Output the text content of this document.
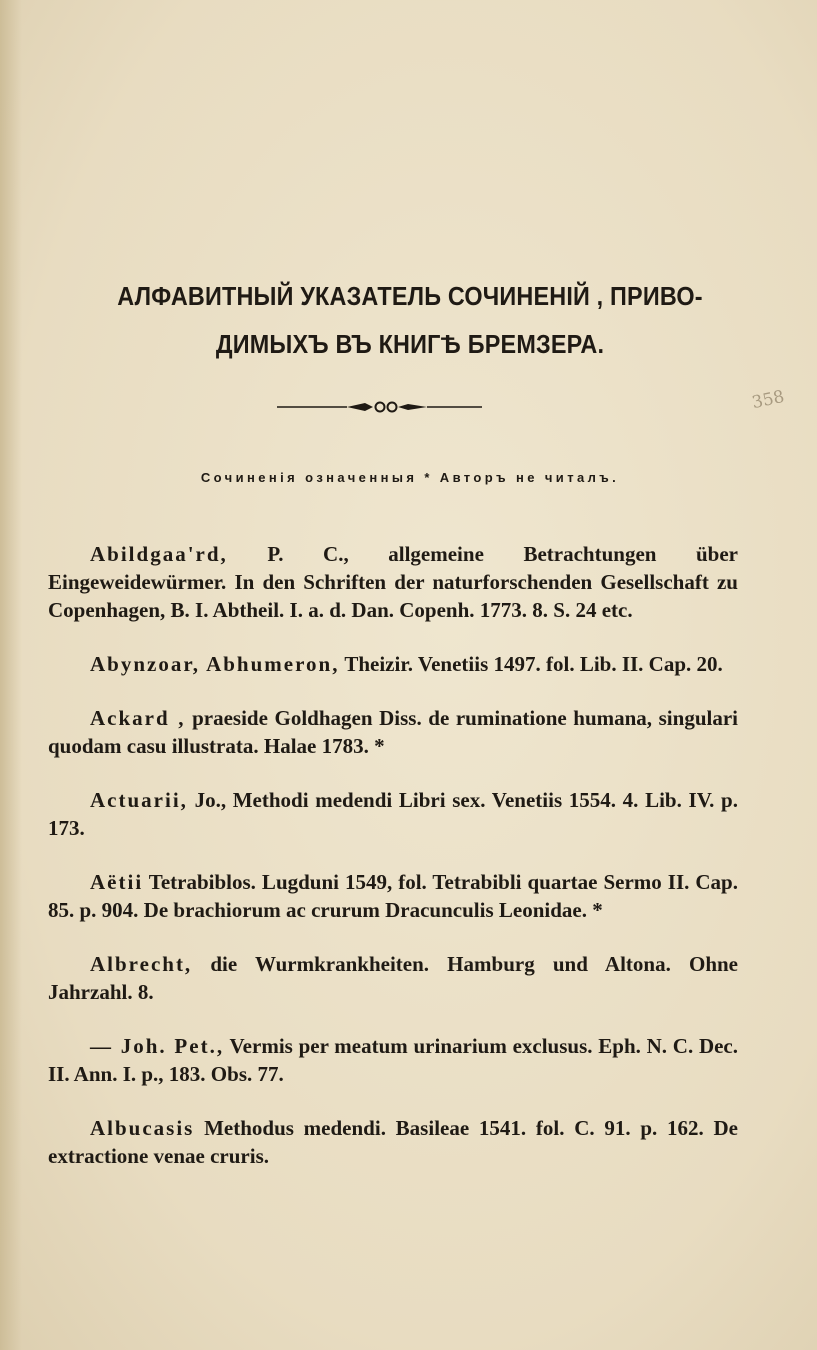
АЛФАВИТНЫЙ УКАЗАТЕЛЬ СОЧИНЕНIЙ , ПРИВО-
ДИМЫХЪ ВЪ КНИГѢ БРЕМЗЕРА.
358
Сочиненiя означенныя * Авторъ не читалъ.

Abildgaa'rd, P. C., allgemeine Betrachtungen über Eingeweidewürmer. In den Schriften der naturforschenden Gesellschaft zu Copenhagen, B. I. Abtheil. I. a. d. Dan. Copenh. 1773. 8. S. 24 etc.

Abynzoar, Abhumeron, Theizir. Venetiis 1497. fol. Lib. II. Cap. 20.

Ackard , praeside Goldhagen Diss. de ruminatione humana, singulari quodam casu illustrata. Halae 1783. *

Actuarii, Jo., Methodi medendi Libri sex. Venetiis 1554. 4. Lib. IV. p. 173.

Aëtii Tetrabiblos. Lugduni 1549, fol. Tetrabibli quartae Sermo II. Cap. 85. p. 904. De brachiorum ac crurum Dracunculis Leonidae. *

Albrecht, die Wurmkrankheiten. Hamburg und Altona. Ohne Jahrzahl. 8.

— Joh. Pet., Vermis per meatum urinarium exclusus. Eph. N. C. Dec. II. Ann. I. p., 183. Obs. 77.

Albucasis Methodus medendi. Basileae 1541. fol. C. 91. p. 162. De extractione venae cruris.
